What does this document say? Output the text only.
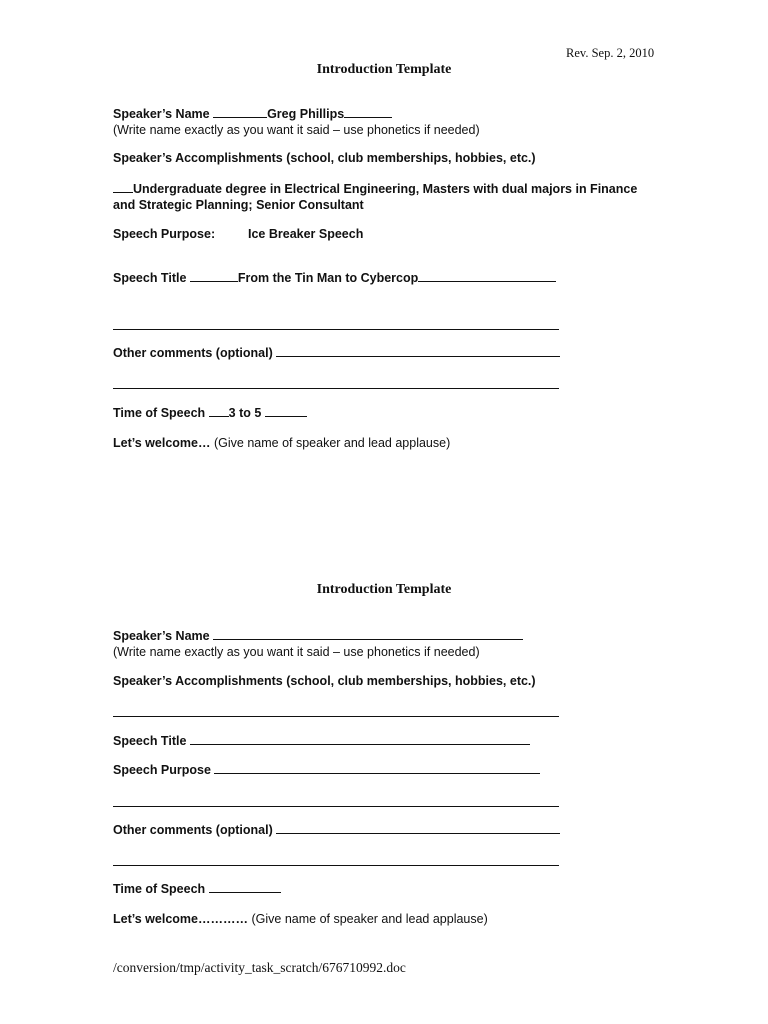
Rev. Sep. 2, 2010
Introduction Template
Speaker’s Name	Greg Phillips
(Write name exactly as you want it said – use phonetics if needed)
Speaker’s Accomplishments (school, club memberships, hobbies, etc.)
Undergraduate degree in Electrical Engineering, Masters with dual majors in Finance
and Strategic Planning; Senior Consultant
Speech Purpose:	Ice Breaker Speech
Speech Title	From the Tin Man to Cybercop
Other comments (optional)
Time of Speech 3 to 5
Let’s welcome… (Give name of speaker and lead applause)
Introduction Template
Speaker’s Name
(Write name exactly as you want it said – use phonetics if needed)
Speaker’s Accomplishments (school, club memberships, hobbies, etc.)
Speech Title
Speech Purpose
Other comments (optional)
Time of Speech
Let’s welcome………… (Give name of speaker and lead applause)
/conversion/tmp/activity_task_scratch/676710992.doc
